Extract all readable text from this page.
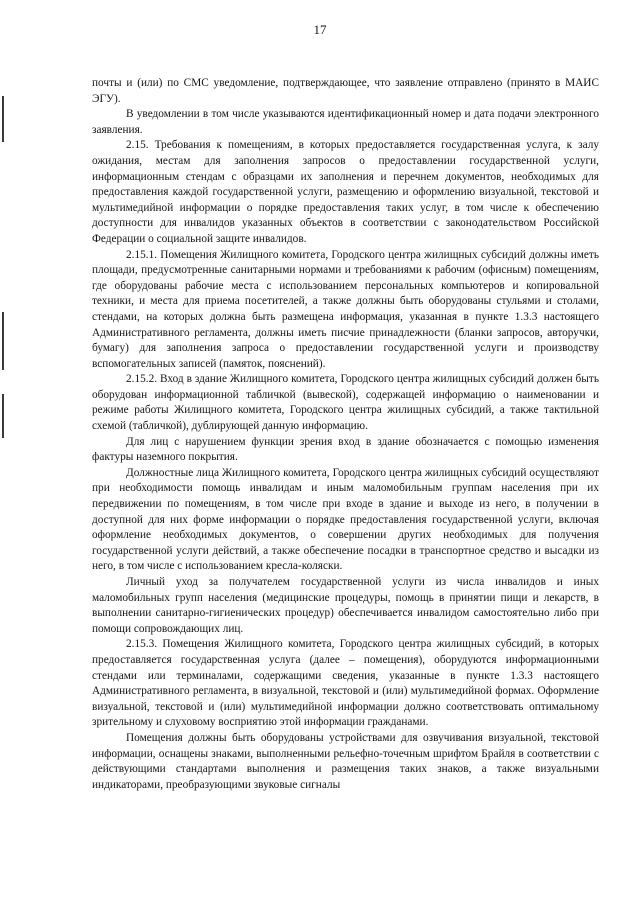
17

почты и (или) по СМС уведомление, подтверждающее, что заявление отправлено (принято в МАИС ЭГУ).

В уведомлении в том числе указываются идентификационный номер и дата подачи электронного заявления.

2.15. Требования к помещениям, в которых предоставляется государственная услуга, к залу ожидания, местам для заполнения запросов о предоставлении государственной услуги, информационным стендам с образцами их заполнения и перечнем документов, необходимых для предоставления каждой государственной услуги, размещению и оформлению визуальной, текстовой и мультимедийной информации о порядке предоставления таких услуг, в том числе к обеспечению доступности для инвалидов указанных объектов в соответствии с законодательством Российской Федерации о социальной защите инвалидов.

2.15.1. Помещения Жилищного комитета, Городского центра жилищных субсидий должны иметь площади, предусмотренные санитарными нормами и требованиями к рабочим (офисным) помещениям, где оборудованы рабочие места с использованием персональных компьютеров и копировальной техники, и места для приема посетителей, а также должны быть оборудованы стульями и столами, стендами, на которых должна быть размещена информация, указанная в пункте 1.3.3 настоящего Административного регламента, должны иметь писчие принадлежности (бланки запросов, авторучки, бумагу) для заполнения запроса о предоставлении государственной услуги и производству вспомогательных записей (памяток, пояснений).

2.15.2. Вход в здание Жилищного комитета, Городского центра жилищных субсидий должен быть оборудован информационной табличкой (вывеской), содержащей информацию о наименовании и режиме работы Жилищного комитета, Городского центра жилищных субсидий, а также тактильной схемой (табличкой), дублирующей данную информацию.

Для лиц с нарушением функции зрения вход в здание обозначается с помощью изменения фактуры наземного покрытия.

Должностные лица Жилищного комитета, Городского центра жилищных субсидий осуществляют при необходимости помощь инвалидам и иным маломобильным группам населения при их передвижении по помещениям, в том числе при входе в здание и выходе из него, в получении в доступной для них форме информации о порядке предоставления государственной услуги, включая оформление необходимых документов, о совершении других необходимых для получения государственной услуги действий, а также обеспечение посадки в транспортное средство и высадки из него, в том числе с использованием кресла-коляски.

Личный уход за получателем государственной услуги из числа инвалидов и иных маломобильных групп населения (медицинские процедуры, помощь в принятии пищи и лекарств, в выполнении санитарно-гигиенических процедур) обеспечивается инвалидом самостоятельно либо при помощи сопровождающих лиц.

2.15.3. Помещения Жилищного комитета, Городского центра жилищных субсидий, в которых предоставляется государственная услуга (далее – помещения), оборудуются информационными стендами или терминалами, содержащими сведения, указанные в пункте 1.3.3 настоящего Административного регламента, в визуальной, текстовой и (или) мультимедийной формах. Оформление визуальной, текстовой и (или) мультимедийной информации должно соответствовать оптимальному зрительному и слуховому восприятию этой информации гражданами.

Помещения должны быть оборудованы устройствами для озвучивания визуальной, текстовой информации, оснащены знаками, выполненными рельефно-точечным шрифтом Брайля в соответствии с действующими стандартами выполнения и размещения таких знаков, а также визуальными индикаторами, преобразующими звуковые сигналы
